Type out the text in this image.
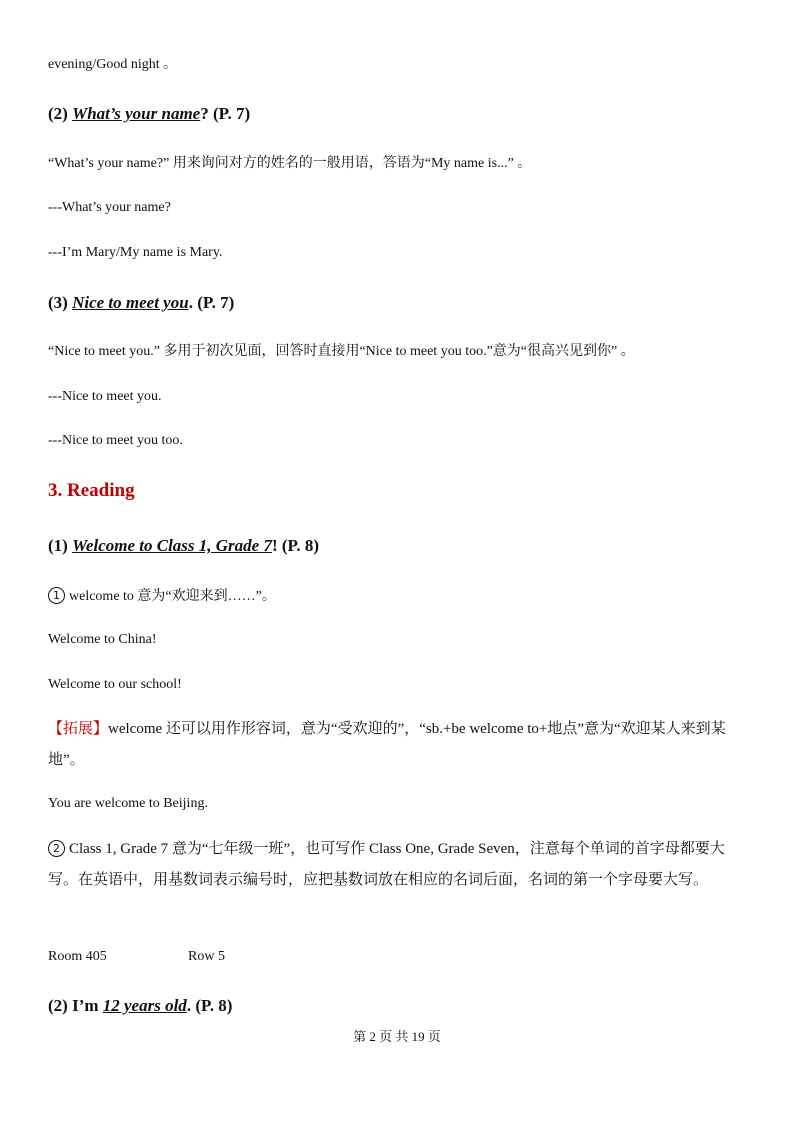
evening/Good night 。

(2) What’s your name? (P. 7)

“What’s your name?” 用来询问对方的姓名的一般用语，答语为“My name is...” 。

---What’s your name?

---I’m Mary/My name is Mary.

(3) Nice to meet you. (P. 7)

“Nice to meet you.” 多用于初次见面，回答时直接用“Nice to meet you too.”意为“很高兴见到你” 。

---Nice to meet you.

---Nice to meet you too.

3. Reading

(1) Welcome to Class 1, Grade 7! (P. 8)

1 welcome to 意为“欢迎来到……”。

Welcome to China!

Welcome to our school!

【拓展】welcome 还可以用作形容词，意为“受欢迎的”，“sb.+be welcome to+地点”意为“欢迎某人来到某地”。

You are welcome to Beijing.

2 Class 1, Grade 7 意为“七年级一班”，也可写作 Class One, Grade Seven，注意每个单词的首字母都要大写。在英语中，用基数词表示编号时，应把基数词放在相应的名词后面，名词的第一个字母要大写。

Room 405	Row 5

(2) I’m 12 years old. (P. 8)

第 2 页 共 19 页
